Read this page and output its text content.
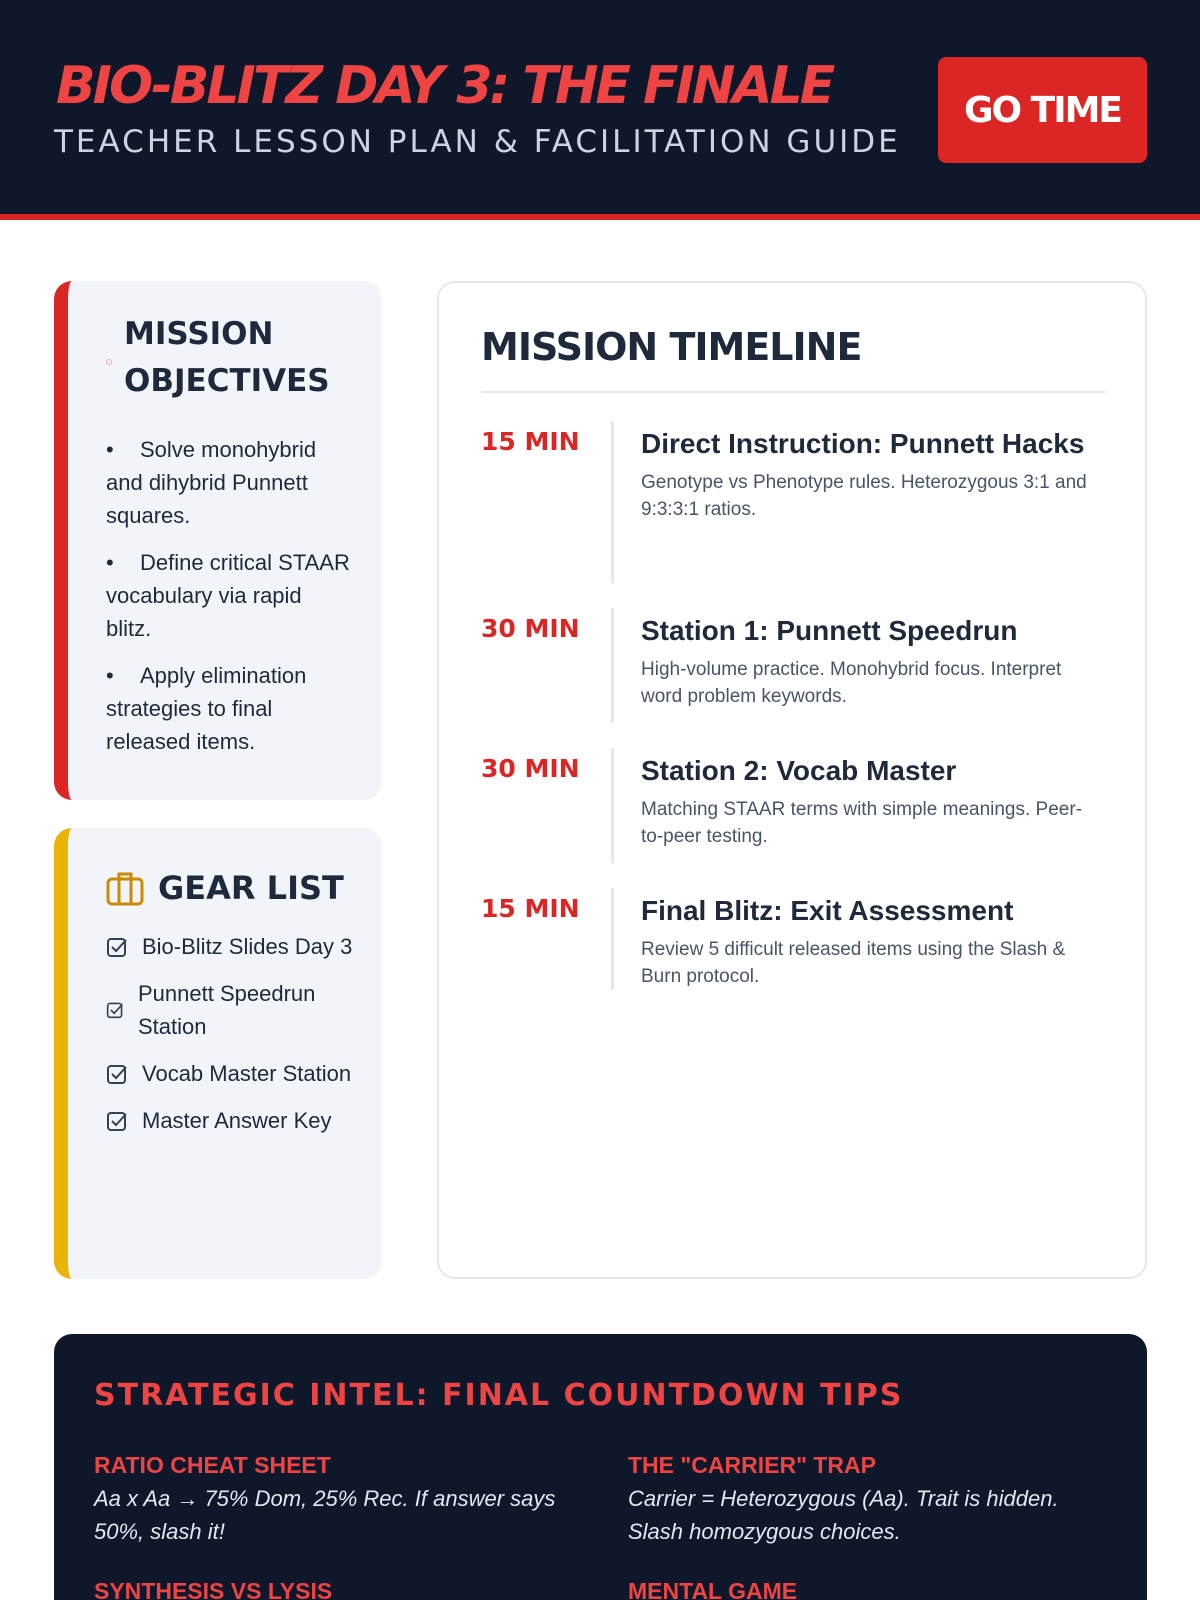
BIO-BLITZ DAY 3: THE FINALE
TEACHER LESSON PLAN & FACILITATION GUIDE
GO TIME
MISSION
OBJECTIVES
•Solve monohybrid and dihybrid Punnett squares.
•Define critical STAAR vocabulary via rapid blitz.
•Apply elimination strategies to final released items.
GEAR LIST
Bio-Blitz Slides Day 3
Punnett Speedrun Station
Vocab Master Station
Master Answer Key
MISSION TIMELINE
15 MIN Direct Instruction: Punnett Hacks
Genotype vs Phenotype rules. Heterozygous 3:1 and 9:3:3:1 ratios.
30 MIN Station 1: Punnett Speedrun
High-volume practice. Monohybrid focus. Interpret word problem keywords.
30 MIN Station 2: Vocab Master
Matching STAAR terms with simple meanings. Peer-to-peer testing.
15 MIN Final Blitz: Exit Assessment
Review 5 difficult released items using the Slash & Burn protocol.
STRATEGIC INTEL: FINAL COUNTDOWN TIPS
RATIO CHEAT SHEET
Aa x Aa → 75% Dom, 25% Rec. If answer says 50%, slash it!
THE "CARRIER" TRAP
Carrier = Heterozygous (Aa). Trait is hidden. Slash homozygous choices.
SYNTHESIS VS LYSIS	MENTAL GAME
